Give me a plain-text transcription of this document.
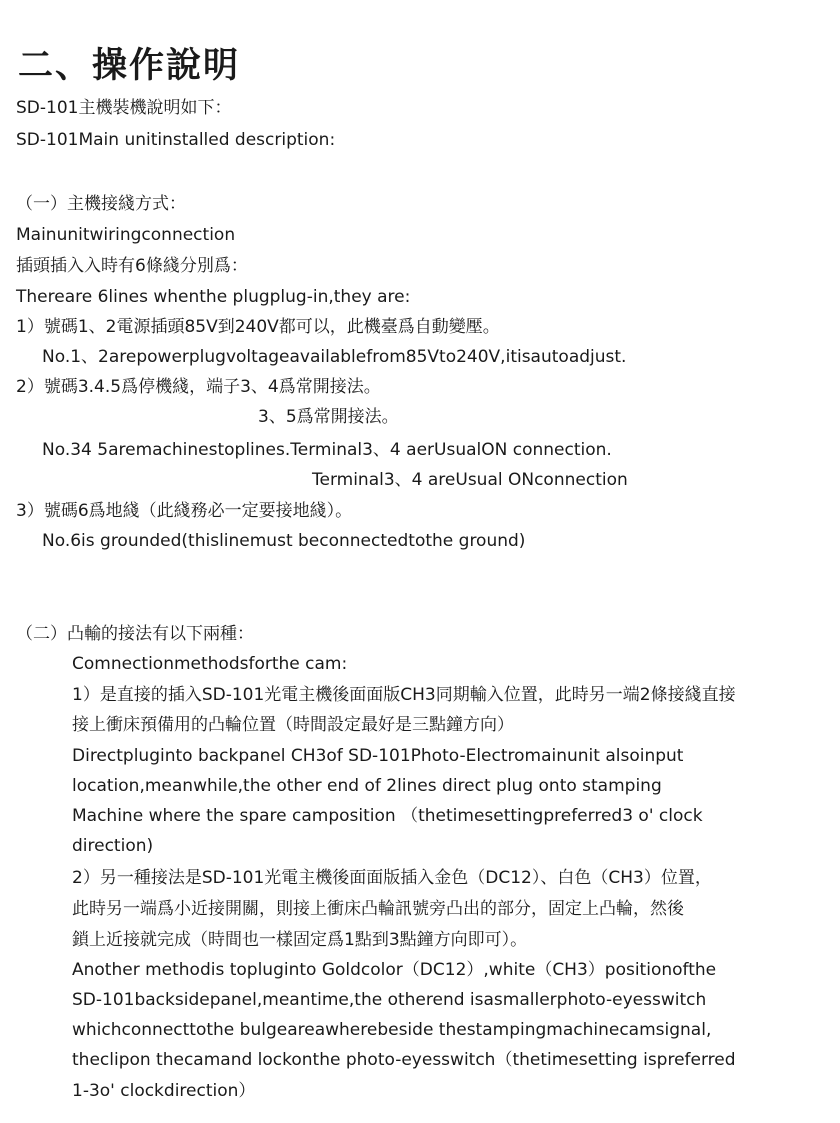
二、操作說明
SD-101主機裝機說明如下：
SD-101Main unitinstalled description:
（一）主機接綫方式：
Mainunitwiringconnection
插頭插入入時有6條綫分別爲：
Thereare 6lines whenthe plugplug-in,they are:
1）號碼1、2電源插頭85V到240V都可以，此機臺爲自動變壓。
No.1、2arepowerplugvoltageavailablefrom85Vto240V,itisautoadjust.
2）號碼3.4.5爲停機綫，端子3、4爲常開接法。
3、5爲常開接法。
No.34 5aremachinestoplines.Terminal3、4 aerUsualON connection.
Terminal3、4 areUsual ONconnection
3）號碼6爲地綫（此綫務必一定要接地綫）。
No.6is grounded(thislinemust beconnectedtothe ground)
（二）凸輸的接法有以下兩種：
Comnectionmethodsforthe cam:
1）是直接的插入SD-101光電主機後面面版CH3同期輸入位置，此時另一端2條接綫直接
接上衝床預備用的凸輪位置（時間設定最好是三點鐘方向）
Directpluginto backpanel CH3of SD-101Photo-Electromainunit alsoinput
location,meanwhile,the other end of 2lines direct plug onto stamping
Machine where the spare camposition （thetimesettingpreferred3 o' clock
direction)
2）另一種接法是SD-101光電主機後面面版插入金色（DC12）、白色（CH3）位置，
此時另一端爲小近接開關，則接上衝床凸輪訊號旁凸出的部分，固定上凸輪，然後
鎖上近接就完成（時間也一樣固定爲1點到3點鐘方向即可）。
Another methodis topluginto Goldcolor（DC12）,white（CH3）positionofthe
SD-101backsidepanel,meantime,the otherend isasmallerphoto-eyesswitch
whichconnecttothe bulgeareawherebeside thestampingmachinecamsignal,
theclipon thecamand lockonthe photo-eyesswitch（thetimesetting ispreferred
1-3o' clockdirection）
